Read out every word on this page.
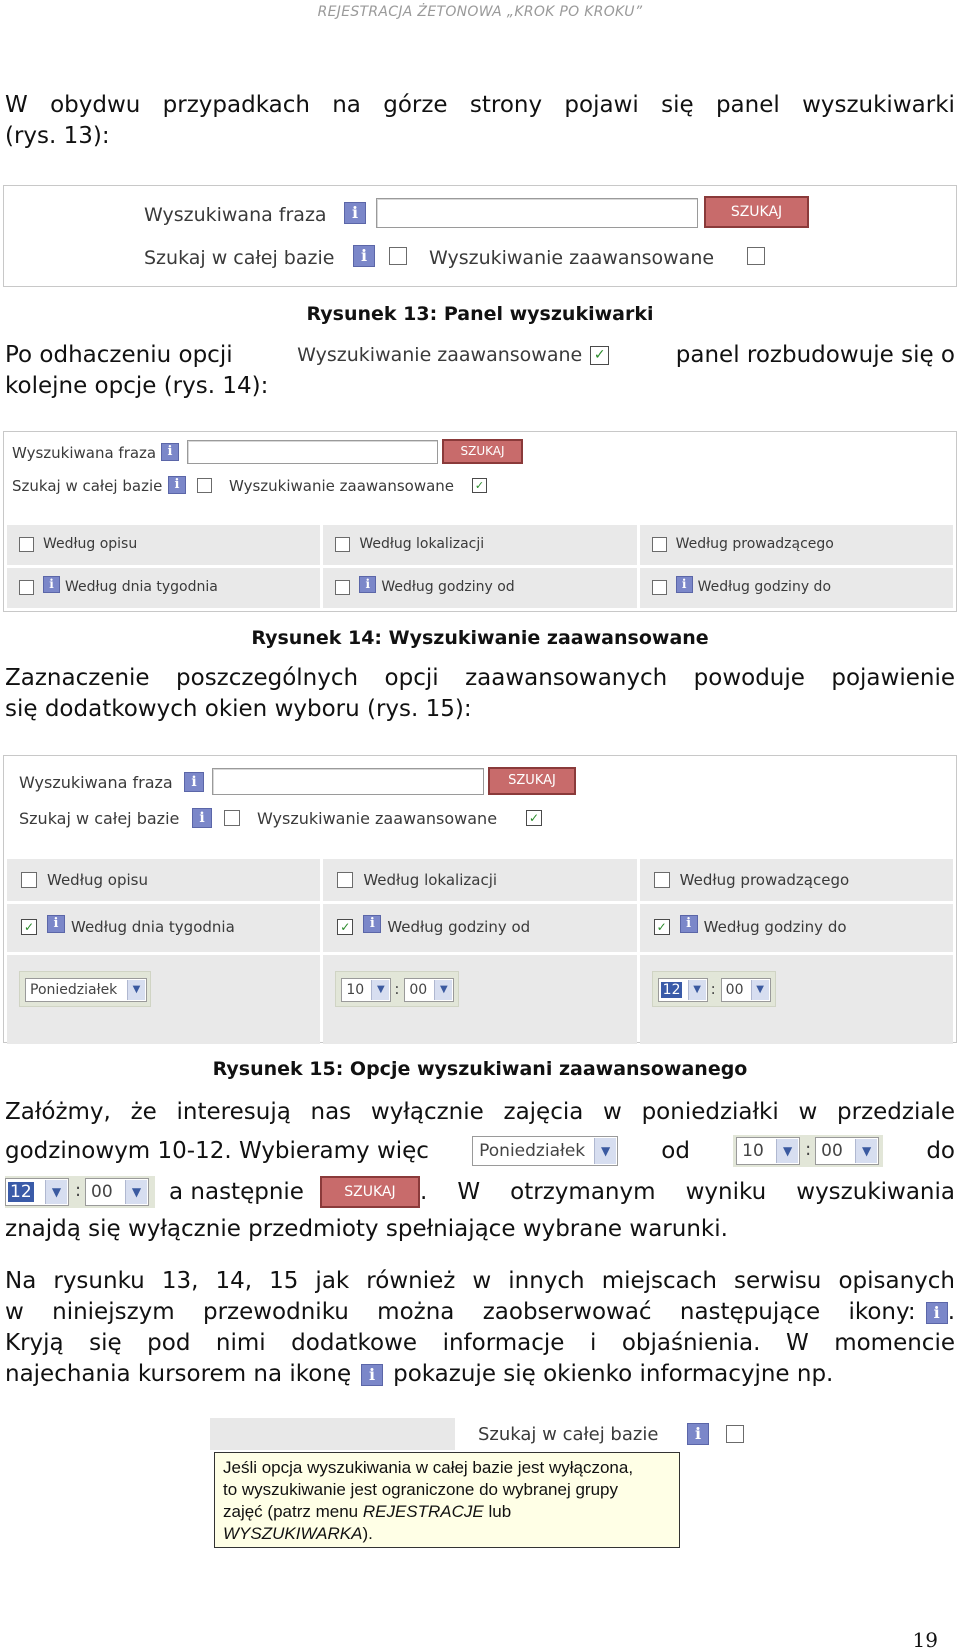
REJESTRACJA ŻETONOWA „KROK PO KROKU”
W obydwu przypadkach na górze strony pojawi się panel wyszukiwarki
(rys. 13):
Wyszukiwana fraza	i	SZUKAJ
Szukaj w całej bazie	i	Wyszukiwanie zaawansowane
Rysunek 13: Panel wyszukiwarki
Po odhaczeniu opcji	Wyszukiwanie zaawansowane ✓	panel rozbudowuje się o
kolejne opcje (rys. 14):
Wyszukiwana fraza i	SZUKAJ
Szukaj w całej bazie i	Wyszukiwanie zaawansowane
✓
Według opisu	Według lokalizacji	Według prowadzącego
i Według dnia tygodnia	i Według godziny od	i Według godziny do
Rysunek 14: Wyszukiwanie zaawansowane
Zaznaczenie poszczególnych opcji zaawansowanych powoduje pojawienie
się dodatkowych okien wyboru (rys. 15):
Wyszukiwana fraza	i	SZUKAJ
Szukaj w całej bazie	i	Wyszukiwanie zaawansowane
✓
Według opisu	Według lokalizacji	Według prowadzącego
✓
i Według dnia tygodnia ✓	i Według godziny od ✓	i Według godziny do
Poniedziałek	▼	10	▼ : 00	▼	12	▼ : 00	▼
Rysunek 15: Opcje wyszukiwani zaawansowanego
Załóżmy, że interesują nas wyłącznie zajęcia w poniedziałki w przedziale
godzinowym 10-12. Wybieramy więc	Poniedziałek	▼ od	10	▼ : 00	▼ do
12	▼ : 00	▼ a następnie	SZUKAJ	. W otrzymanym wyniku wyszukiwania
znajdą się wyłącznie przedmioty spełniające wybrane warunki.
Na rysunku 13, 14, 15 jak również w innych miejscach serwisu opisanych
w niniejszym przewodniku można zaobserwować następujące ikony:	i .
Kryją się pod nimi dodatkowe informacje i objaśnienia. W momencie
najechania kursorem na ikonę	i pokazuje się okienko informacyjne np.
Szukaj w całej bazie	i
Jeśli opcja wyszukiwania w całej bazie jest wyłączona,
to wyszukiwanie jest ograniczone do wybranej grupy
zajęć (patrz menu REJESTRACJE lub
WYSZUKIWARKA).
19
